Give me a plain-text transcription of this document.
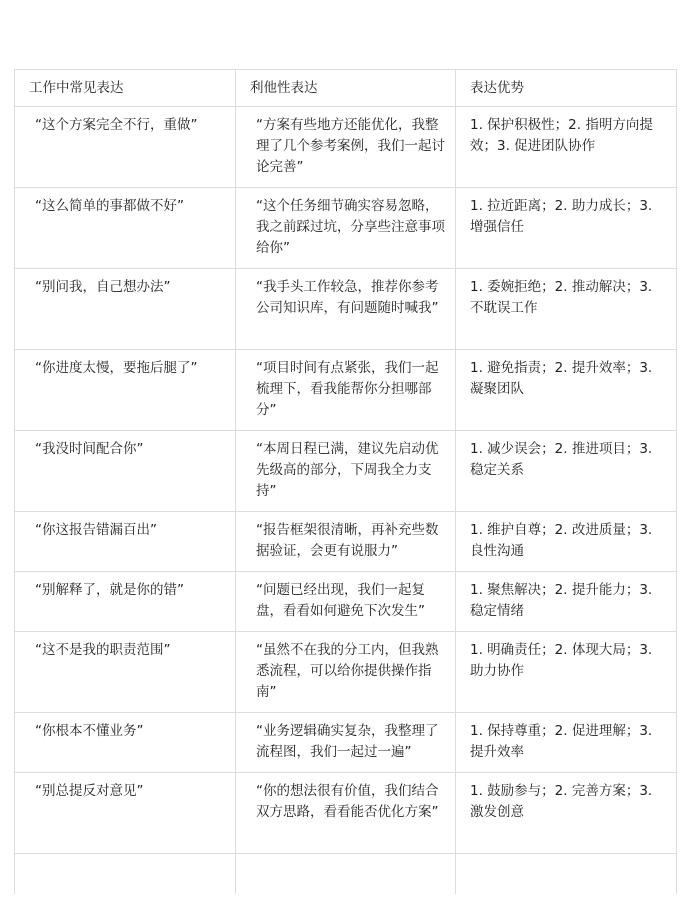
工作中常见表达	利他性表达	表达优势
“这个方案完全不行，重做”	“方案有些地方还能优化，我整理了几个参考案例，我们一起讨论完善”	1. 保护积极性；2. 指明方向提效；3. 促进团队协作
“这么简单的事都做不好”	“这个任务细节确实容易忽略，我之前踩过坑，分享些注意事项给你”	1. 拉近距离；2. 助力成长；3. 增强信任
“别问我，自己想办法”	“我手头工作较急，推荐你参考公司知识库，有问题随时喊我”	1. 委婉拒绝；2. 推动解决；3. 不耽误工作
“你进度太慢，要拖后腿了”	“项目时间有点紧张，我们一起梳理下，看我能帮你分担哪部分”	1. 避免指责；2. 提升效率；3. 凝聚团队
“我没时间配合你”	“本周日程已满，建议先启动优先级高的部分，下周我全力支持”	1. 减少误会；2. 推进项目；3. 稳定关系
“你这报告错漏百出”	“报告框架很清晰，再补充些数据验证，会更有说服力”	1. 维护自尊；2. 改进质量；3. 良性沟通
“别解释了，就是你的错”	“问题已经出现，我们一起复盘，看看如何避免下次发生”	1. 聚焦解决；2. 提升能力；3. 稳定情绪
“这不是我的职责范围”	“虽然不在我的分工内，但我熟悉流程，可以给你提供操作指南”	1. 明确责任；2. 体现大局；3. 助力协作
“你根本不懂业务”	“业务逻辑确实复杂，我整理了流程图，我们一起过一遍”	1. 保持尊重；2. 促进理解；3. 提升效率
“别总提反对意见”	“你的想法很有价值，我们结合双方思路，看看能否优化方案”	1. 鼓励参与；2. 完善方案；3. 激发创意
